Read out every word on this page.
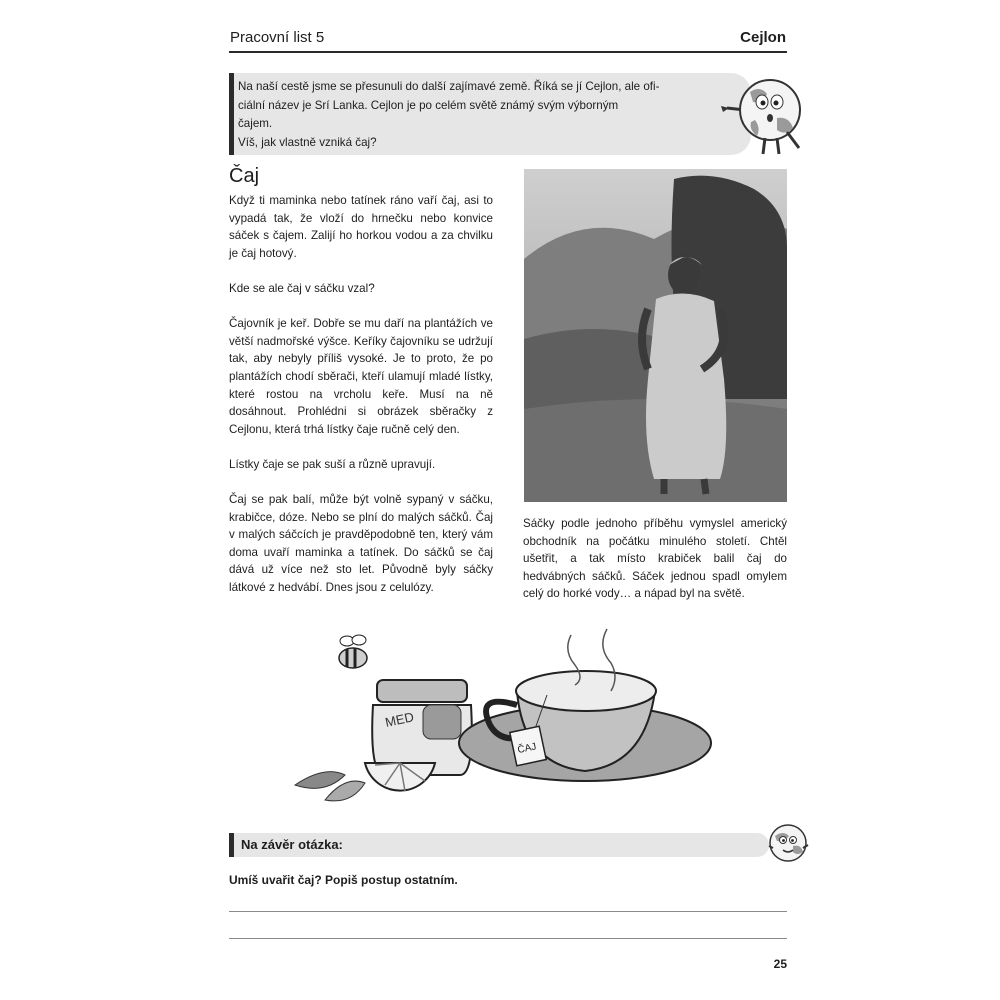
Pracovní list 5	Cejlon
Na naší cestě jsme se přesunuli do další zajímavé země. Říká se jí Cejlon, ale ofi-
ciální název je Srí Lanka. Cejlon je po celém světě známý svým výborným
čajem.
Víš, jak vlastně vzniká čaj?
Čaj

Když ti maminka nebo tatínek ráno vaří čaj, asi to vypadá tak, že vloží do hrnečku nebo konvice sáček s čajem. Zalijí ho horkou vodou a za chvilku je čaj hotový.

Kde se ale čaj v sáčku vzal?

Čajovník je keř. Dobře se mu daří na plantážích ve větší nadmořské výšce. Keříky čajovníku se udržují tak, aby nebyly příliš vysoké. Je to proto, že po plantážích chodí sběrači, kteří ulamují mladé lístky, které rostou na vrcholu keře. Musí na ně dosáhnout. Prohlédni si obrázek sběračky z Cejlonu, která trhá lístky čaje ručně celý den.

Lístky čaje se pak suší a různě upravují.

Čaj se pak balí, může být volně sypaný v sáčku, krabičce, dóze. Nebo se plní do malých sáčků. Čaj v malých sáčcích je pravděpodobně ten, který vám doma uvaří maminka a tatínek. Do sáčků se čaj dává už více než sto let. Původně byly sáčky látkové z hedvábí. Dnes jsou z celulózy.

Sáčky podle jednoho příběhu vymyslel americký obchodník na počátku minulého století. Chtěl ušetřit, a tak místo krabiček balil čaj do hedvábných sáčků. Sáček jednou spadl omylem celý do horké vody… a nápad byl na světě.

MED
ČAJ
Na závěr otázka:
Umíš uvařit čaj? Popiš postup ostatním.
25
